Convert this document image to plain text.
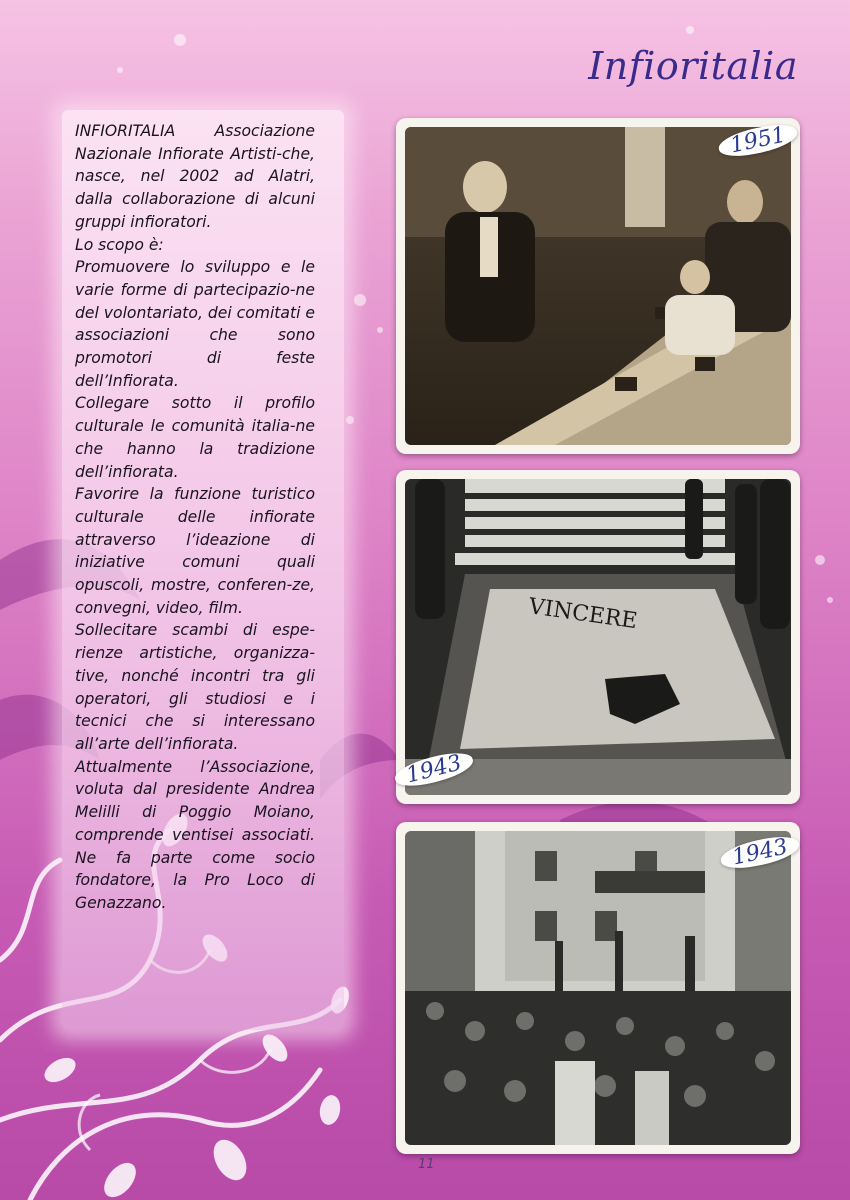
Infioritalia

INFIORITALIA Associazione Nazionale Infiorate Artisti-che, nasce, nel 2002 ad Alatri, dalla collaborazione di alcuni gruppi infioratori.

Lo scopo è:

Promuovere lo sviluppo e le varie forme di partecipazio-ne del volontariato, dei comitati e associazioni che sono promotori di feste dell’Infiorata.

Collegare sotto il profilo culturale le comunità italia-ne che hanno la tradizione dell’infiorata.

Favorire la funzione turistico culturale delle infiorate attraverso l’ideazione di iniziative comuni quali opuscoli, mostre, conferen-ze, convegni, video, film.

Sollecitare scambi di espe-rienze artistiche, organizza-tive, nonché incontri tra gli operatori, gli studiosi e i tecnici che si interessano all’arte dell’infiorata.

Attualmente l’Associazione, voluta dal presidente Andrea Melilli di Poggio Moiano, comprende ventisei associati. Ne fa parte come socio fondatore, la Pro Loco di Genazzano.

VINCERE
1951
1943
1943
11
